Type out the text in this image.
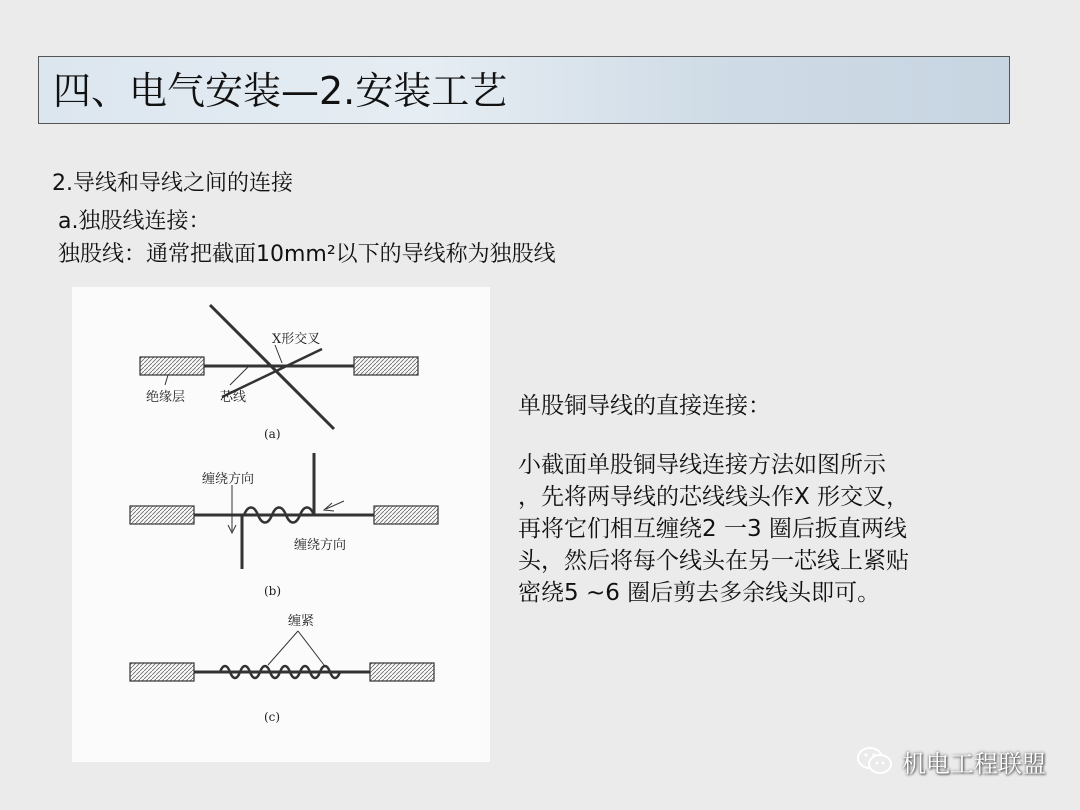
四、电气安装—2.安装工艺
2.导线和导线之间的连接
a.独股线连接：
独股线：通常把截面10mm²以下的导线称为独股线
X形交叉
绝缘层	芯线
(a)
缠绕方向
缠绕方向
(b)
缠紧
(c)
单股铜导线的直接连接：
小截面单股铜导线连接方法如图所示
，先将两导线的芯线线头作X 形交叉，
再将它们相互缠绕2 一3 圈后扳直两线
头，然后将每个线头在另一芯线上紧贴
密绕5 ~6 圈后剪去多余线头即可。
机电工程联盟
